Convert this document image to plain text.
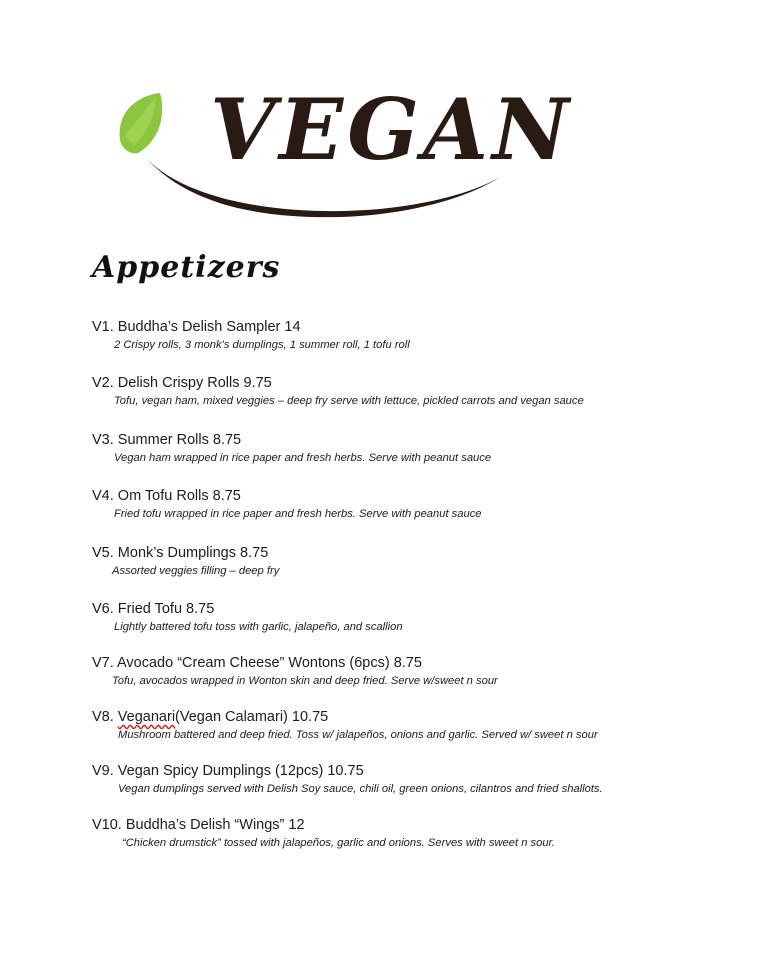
VEGAN
Appetizers
V1. Buddha’s Delish Sampler 14
2 Crispy rolls, 3 monk’s dumplings, 1 summer roll, 1 tofu roll
V2. Delish Crispy Rolls 9.75
Tofu, vegan ham, mixed veggies – deep fry serve with lettuce, pickled carrots and vegan sauce
V3. Summer Rolls 8.75
Vegan ham wrapped in rice paper and fresh herbs. Serve with peanut sauce
V4. Om Tofu Rolls 8.75
Fried tofu wrapped in rice paper and fresh herbs. Serve with peanut sauce
V5. Monk’s Dumplings 8.75
Assorted veggies filling – deep fry
V6. Fried Tofu 8.75
Lightly battered tofu toss with garlic, jalapeño, and scallion
V7. Avocado “Cream Cheese” Wontons (6pcs) 8.75
Tofu, avocados wrapped in Wonton skin and deep fried. Serve w/sweet n sour
V8. Veganari(Vegan Calamari) 10.75
Mushroom battered and deep fried. Toss w/ jalapeños, onions and garlic. Served w/ sweet n sour
V9. Vegan Spicy Dumplings (12pcs) 10.75
Vegan dumplings served with Delish Soy sauce, chili oil, green onions, cilantros and fried shallots.
V10. Buddha’s Delish “Wings” 12
“Chicken drumstick” tossed with jalapeños, garlic and onions. Serves with sweet n sour.
